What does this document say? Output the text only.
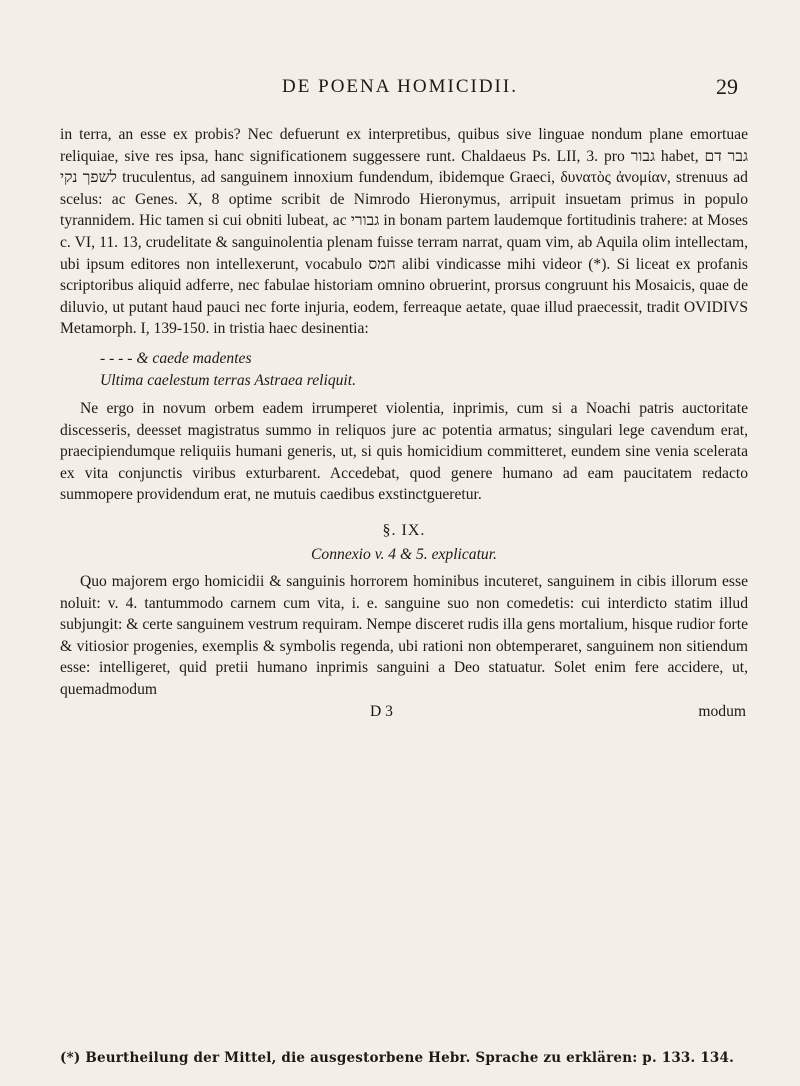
DE POENA HOMICIDII.	29

in terra, an esse ex probis? Nec defuerunt ex interpretibus, quibus sive linguae nondum plane emortuae reliquiae, sive res ipsa, hanc significationem suggessere runt. Chaldaeus Ps. LII, 3. pro גבור habet, גבר דם לשפך נקי truculentus, ad sanguinem innoxium fundendum, ibidemque Graeci, δυνατὸς ἀνομίαν, strenuus ad scelus: ac Genes. X, 8 optime scribit de Nimrodo Hieronymus, arripuit insuetam primus in populo tyrannidem. Hic tamen si cui obniti lubeat, ac גבורי in bonam partem laudemque fortitudinis trahere: at Moses c. VI, 11. 13, crudelitate & sanguinolentia plenam fuisse terram narrat, quam vim, ab Aquila olim intellectam, ubi ipsum editores non intellexerunt, vocabulo חמס alibi vindicasse mihi videor (*). Si liceat ex profanis scriptoribus aliquid adferre, nec fabulae historiam omnino obruerint, prorsus congruunt his Mosaicis, quae de diluvio, ut putant haud pauci nec forte injuria, eodem, ferreaque aetate, quae illud praecessit, tradit OVIDIVS Metamorph. I, 139-150. in tristia haec desinentia:

- - - - & caede madentes
Ultima caelestum terras Astraea reliquit.

Ne ergo in novum orbem eadem irrumperet violentia, inprimis, cum si a Noachi patris auctoritate discesseris, deesset magistratus summo in reliquos jure ac potentia armatus; singulari lege cavendum erat, praecipiendumque reliquiis humani generis, ut, si quis homicidium committeret, eundem sine venia scelerata ex vita conjunctis viribus exturbarent. Accedebat, quod genere humano ad eam paucitatem redacto summopere providendum erat, ne mutuis caedibus exstinctgueretur.

§. IX.
Connexio v. 4 & 5. explicatur.

Quo majorem ergo homicidii & sanguinis horrorem hominibus incuteret, sanguinem in cibis illorum esse noluit: v. 4. tantummodo carnem cum vita, i. e. sanguine suo non comedetis: cui interdicto statim illud subjungit: & certe sanguinem vestrum requiram. Nempe disceret rudis illa gens mortalium, hisque rudior forte & vitiosior progenies, exemplis & symbolis regenda, ubi rationi non obtemperaret, sanguinem non sitiendum esse: intelligeret, quid pretii humano inprimis sanguini a Deo statuatur. Solet enim fere accidere, ut, quemadmodum

D 3	modum
(*) Beurtheilung der Mittel, die ausgestorbene Hebr. Sprache zu erklären: p. 133. 134.
